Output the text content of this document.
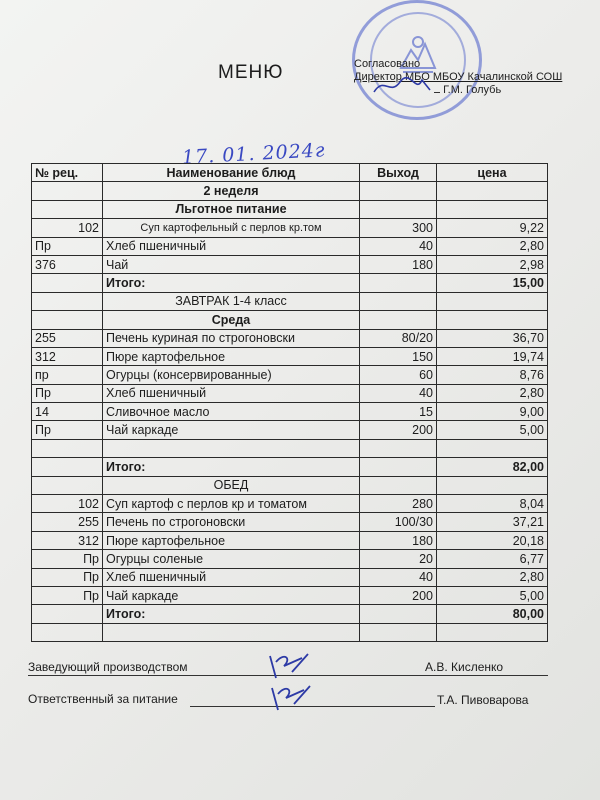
МЕНЮ	Согласовано
Директор МБО МБОУ Качалинской СОШ
Г.М. Голубь
17. 01. 2024г
№ рец.	Наименование блюд	Выход	цена
	2 неделя		
	Льготное питание		
102	Суп картофельный с перлов кр.том	300	9,22
Пр	Хлеб пшеничный	40	2,80
376	Чай	180	2,98
	Итого:		15,00
	ЗАВТРАК 1-4 класс		
	Среда		
255	Печень куриная по строгоновски	80/20	36,70
312	Пюре картофельное	150	19,74
пр	Огурцы (консервированные)	60	8,76
Пр	Хлеб пшеничный	40	2,80
14	Сливочное масло	15	9,00
Пр	Чай каркаде	200	5,00

	Итого:		82,00
	ОБЕД		
102	Суп картоф с перлов кр и томатом	280	8,04
255	Печень по строгоновски	100/30	37,21
312	Пюре картофельное	180	20,18
Пр	Огурцы соленые	20	6,77
Пр	Хлеб пшеничный	40	2,80
Пр	Чай каркаде	200	5,00
	Итого:		80,00

Заведующий производством	А.В. Кисленко
Ответственный за питание	Т.А. Пивоварова
